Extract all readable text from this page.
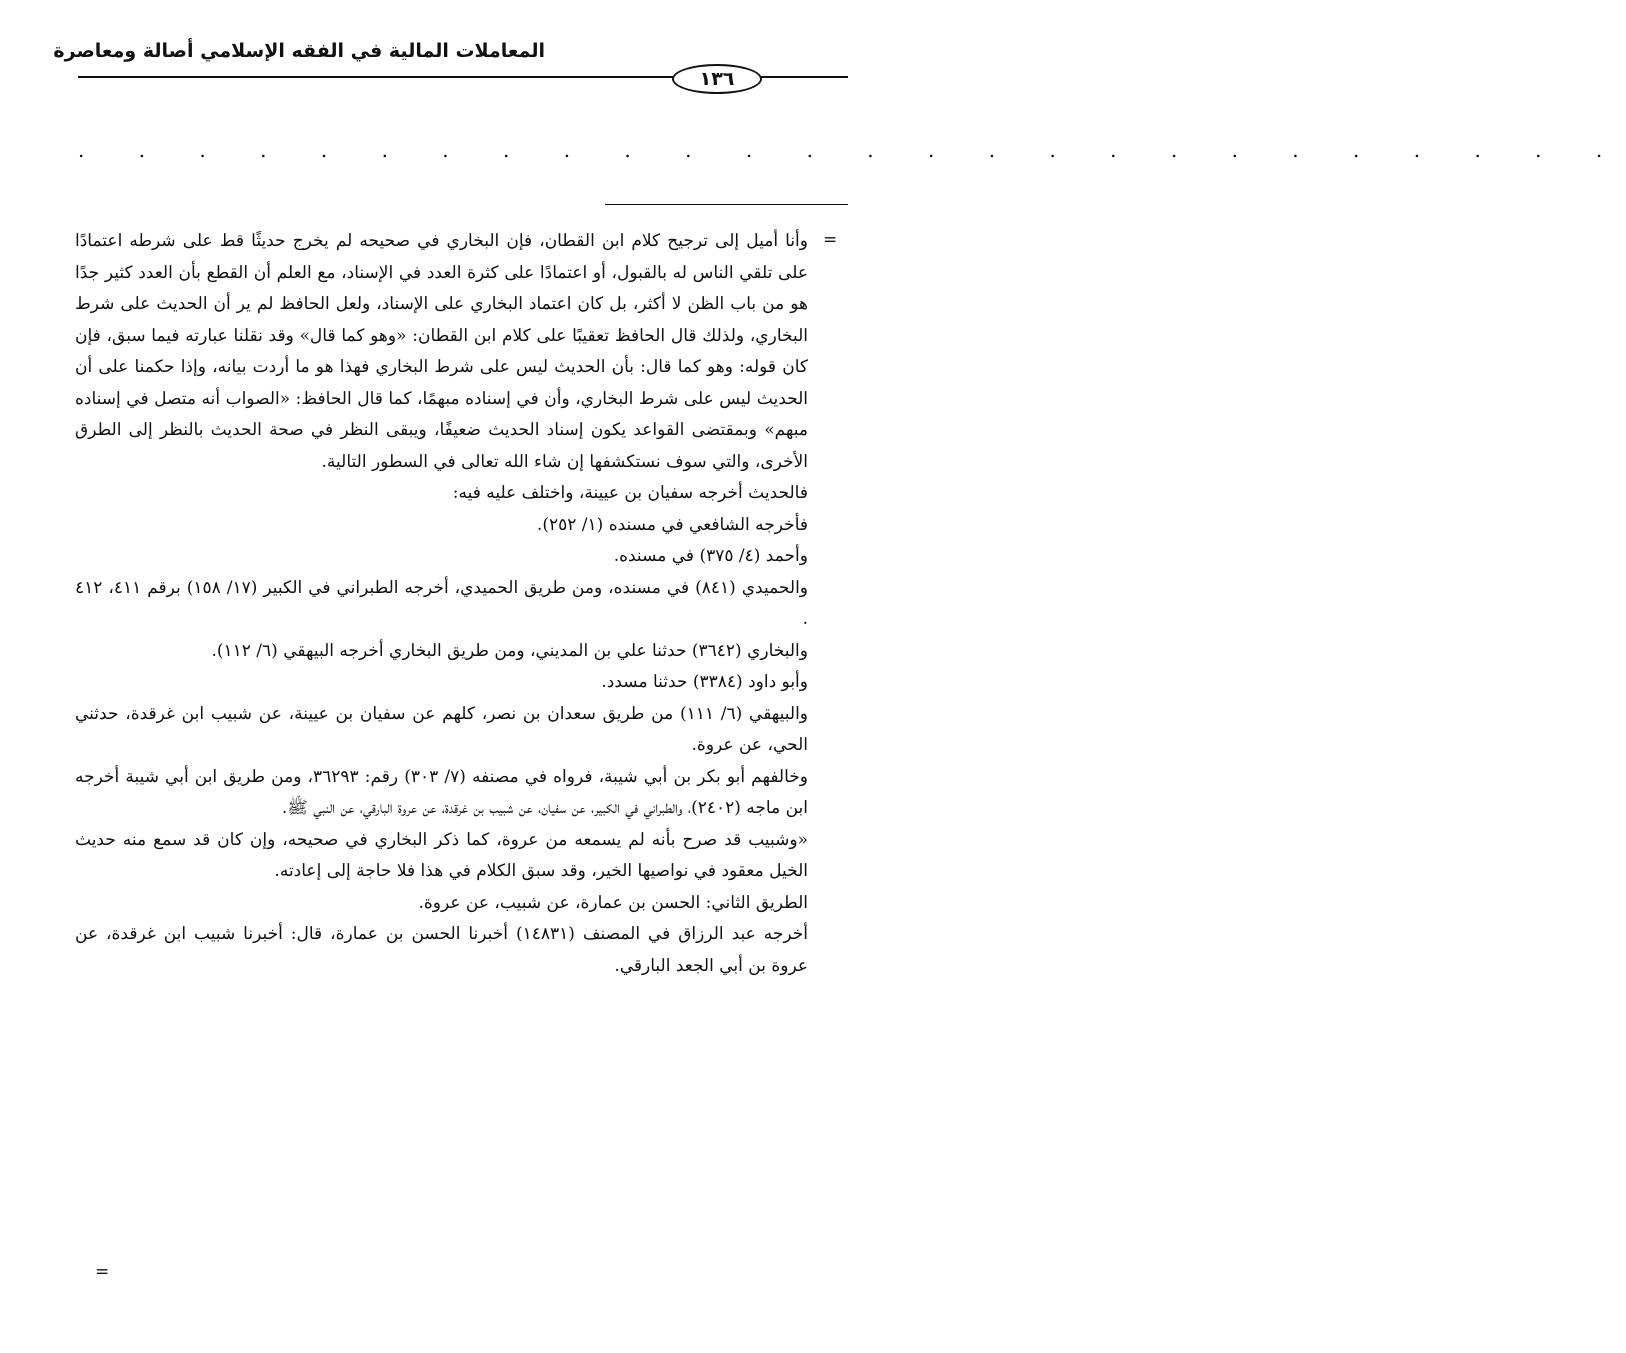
المعاملات المالية في الفقه الإسلامي أصالة ومعاصرة
١٣٦
. . . . . . . . . . . . . . . . . . . . . . . . . .
=

وأنا أميل إلى ترجيح كلام ابن القطان، فإن البخاري في صحيحه لم يخرج حديثًا قط على شرطه اعتمادًا على تلقي الناس له بالقبول، أو اعتمادًا على كثرة العدد في الإسناد، مع العلم أن القطع بأن العدد كثير جدًا هو من باب الظن لا أكثر، بل كان اعتماد البخاري على الإسناد، ولعل الحافظ لم ير أن الحديث على شرط البخاري، ولذلك قال الحافظ تعقيبًا على كلام ابن القطان: «وهو كما قال» وقد نقلنا عبارته فيما سبق، فإن كان قوله: وهو كما قال: بأن الحديث ليس على شرط البخاري فهذا هو ما أردت بيانه، وإذا حكمنا على أن الحديث ليس على شرط البخاري، وأن في إسناده مبهمًا، كما قال الحافظ: «الصواب أنه متصل في إسناده مبهم» وبمقتضى القواعد يكون إسناد الحديث ضعيفًا، ويبقى النظر في صحة الحديث بالنظر إلى الطرق الأخرى، والتي سوف نستكشفها إن شاء الله تعالى في السطور التالية.

فالحديث أخرجه سفيان بن عيينة، واختلف عليه فيه:

فأخرجه الشافعي في مسنده (١/ ٢٥٢).

وأحمد (٤/ ٣٧٥) في مسنده.

والحميدي (٨٤١) في مسنده، ومن طريق الحميدي، أخرجه الطبراني في الكبير (١٧/ ١٥٨) برقم ٤١١، ٤١٢ .

والبخاري (٣٦٤٢) حدثنا علي بن المديني، ومن طريق البخاري أخرجه البيهقي (٦/ ١١٢).

وأبو داود (٣٣٨٤) حدثنا مسدد.

والبيهقي (٦/ ١١١) من طريق سعدان بن نصر، كلهم عن سفيان بن عيينة، عن شبيب ابن غرقدة، حدثني الحي، عن عروة.

وخالفهم أبو بكر بن أبي شيبة، فرواه في مصنفه (٧/ ٣٠٣) رقم: ٣٦٢٩٣، ومن طريق ابن أبي شيبة أخرجه ابن ماجه (٢٤٠٢)، والطبراني في الكبير، عن سفيان، عن شبيب بن غرقدة، عن عروة البارقي، عن النبي ﷺ.

«وشبيب قد صرح بأنه لم يسمعه من عروة، كما ذكر البخاري في صحيحه، وإن كان قد سمع منه حديث الخيل معقود في نواصيها الخير، وقد سبق الكلام في هذا فلا حاجة إلى إعادته.

الطريق الثاني: الحسن بن عمارة، عن شبيب، عن عروة.

أخرجه عبد الرزاق في المصنف (١٤٨٣١) أخبرنا الحسن بن عمارة، قال: أخبرنا شبيب ابن غرقدة، عن عروة بن أبي الجعد البارقي.

=
